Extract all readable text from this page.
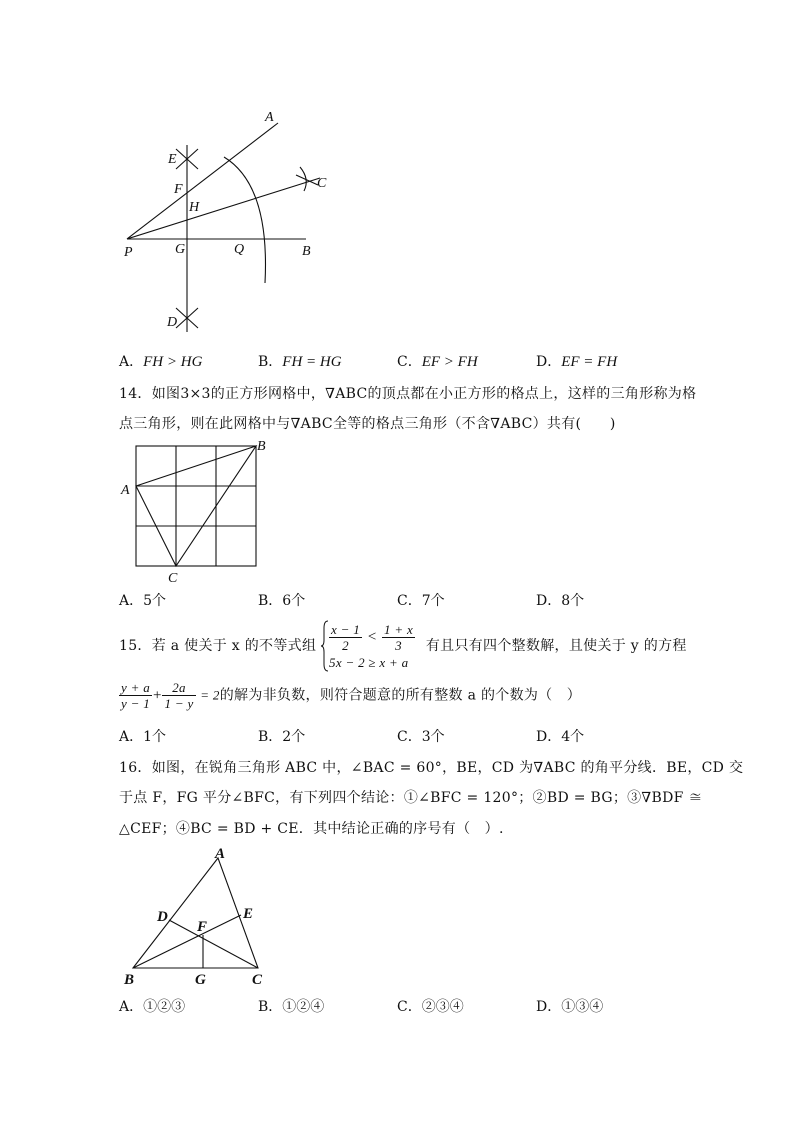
A
E
F
H
C
P	G	Q	B
D
A．FH > HG	B．FH = HG	C．EF > FH	D．EF = FH
14．如图3×3的正方形网格中，∇ABC的顶点都在小正方形的格点上，这样的三角形称为格
点三角形，则在此网格中与∇ABC全等的格点三角形（不含∇ABC）共有(　　)
A
B
C
A．5个	B．6个	C．7个	D．8个
15．若 a 使关于 x 的不等式组 $\frac{x - 1}{2} < \frac{1 + x}{3}$
5x − 2 ≥ x + a
有且只有四个整数解，且使关于 y 的方程
$\frac{y + a}{y - 1} + \frac{2a}{1 - y} = 2$的解为非负数，则符合题意的所有整数 a 的个数为（　）
A．1个	B．2个	C．3个	D．4个
16．如图，在锐角三角形 ABC 中，∠BAC = 60°，BE，CD 为∇ABC 的角平分线．BE，CD 交
于点 F，FG 平分∠BFC，有下列四个结论：①∠BFC = 120°；②BD = BG；③∇BDF ≅
△CEF；④BC = BD + CE．其中结论正确的序号有（　）.
A
D	E
F
B	G	C
A．①②③	B．①②④	C．②③④	D．①③④
